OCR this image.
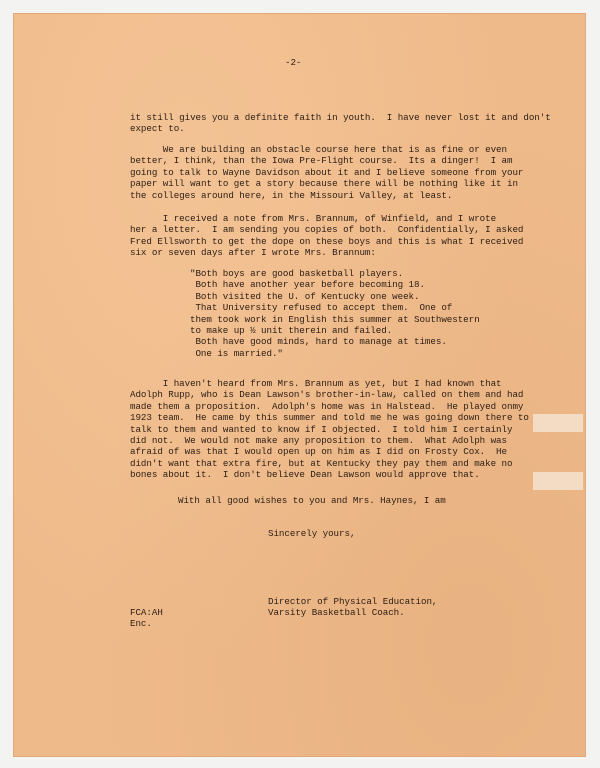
-2-
it still gives you a definite faith in youth.  I have never lost it and don't
expect to.
We are building an obstacle course here that is as fine or even
better, I think, than the Iowa Pre-Flight course.  Its a dinger!  I am
going to talk to Wayne Davidson about it and I believe someone from your
paper will want to get a story because there will be nothing like it in
the colleges around here, in the Missouri Valley, at least.
I received a note from Mrs. Brannum, of Winfield, and I wrote
her a letter.  I am sending you copies of both.  Confidentially, I asked
Fred Ellsworth to get the dope on these boys and this is what I received
six or seven days after I wrote Mrs. Brannum:
"Both boys are good basketball players.
Both have another year before becoming 18.
Both visited the U. of Kentucky one week.
That University refused to accept them.  One of
them took work in English this summer at Southwestern
to make up ½ unit therein and failed.
Both have good minds, hard to manage at times.
One is married."
I haven't heard from Mrs. Brannum as yet, but I had known that
Adolph Rupp, who is Dean Lawson's brother-in-law, called on them and had
made them a proposition.  Adolph's home was in Halstead.  He played onmy
1923 team.  He came by this summer and told me he was going down there to
talk to them and wanted to know if I objected.  I told him I certainly
did not.  We would not make any proposition to them.  What Adolph was
afraid of was that I would open up on him as I did on Frosty Cox.  He
didn't want that extra fire, but at Kentucky they pay them and make no
bones about it.  I don't believe Dean Lawson would approve that.
With all good wishes to you and Mrs. Haynes, I am
Sincerely yours,
Director of Physical Education,
Varsity Basketball Coach.
FCA:AH
Enc.
